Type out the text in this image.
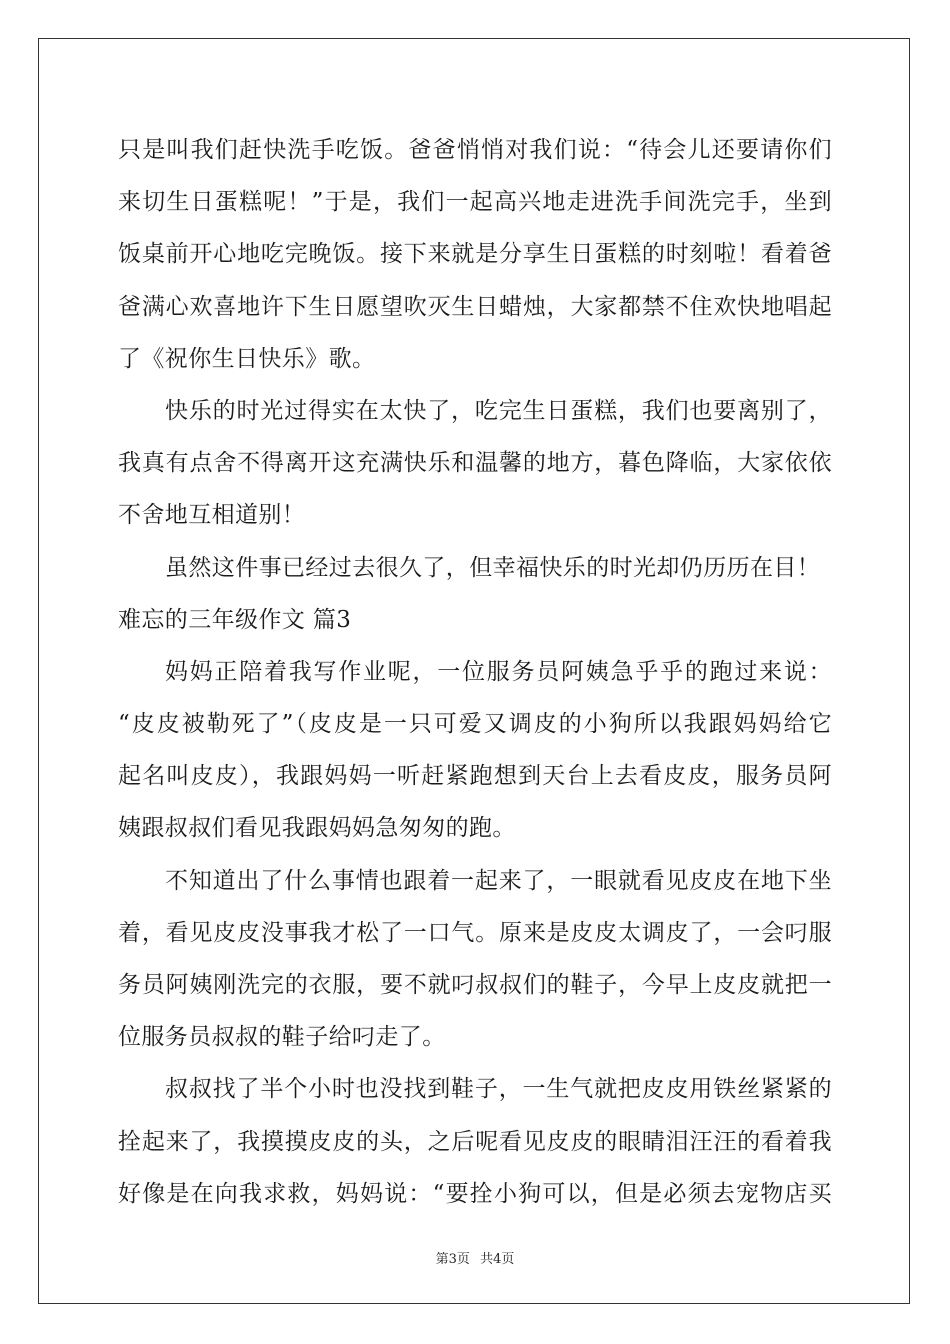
只是叫我们赶快洗手吃饭。爸爸悄悄对我们说：“待会儿还要请你们
来切生日蛋糕呢！”于是，我们一起高兴地走进洗手间洗完手，坐到
饭桌前开心地吃完晚饭。接下来就是分享生日蛋糕的时刻啦！看着爸
爸满心欢喜地许下生日愿望吹灭生日蜡烛，大家都禁不住欢快地唱起
了《祝你生日快乐》歌。
快乐的时光过得实在太快了，吃完生日蛋糕，我们也要离别了，
我真有点舍不得离开这充满快乐和温馨的地方，暮色降临，大家依依
不舍地互相道别！
虽然这件事已经过去很久了，但幸福快乐的时光却仍历历在目！
难忘的三年级作文 篇3
妈妈正陪着我写作业呢，一位服务员阿姨急乎乎的跑过来说：
“皮皮被勒死了”（皮皮是一只可爱又调皮的小狗所以我跟妈妈给它
起名叫皮皮），我跟妈妈一听赶紧跑想到天台上去看皮皮，服务员阿
姨跟叔叔们看见我跟妈妈急匆匆的跑。
不知道出了什么事情也跟着一起来了，一眼就看见皮皮在地下坐
着，看见皮皮没事我才松了一口气。原来是皮皮太调皮了，一会叼服
务员阿姨刚洗完的衣服，要不就叼叔叔们的鞋子，今早上皮皮就把一
位服务员叔叔的鞋子给叼走了。
叔叔找了半个小时也没找到鞋子，一生气就把皮皮用铁丝紧紧的
拴起来了，我摸摸皮皮的头，之后呢看见皮皮的眼睛泪汪汪的看着我
好像是在向我求救，妈妈说：“要拴小狗可以，但是必须去宠物店买
第3页 共4页
